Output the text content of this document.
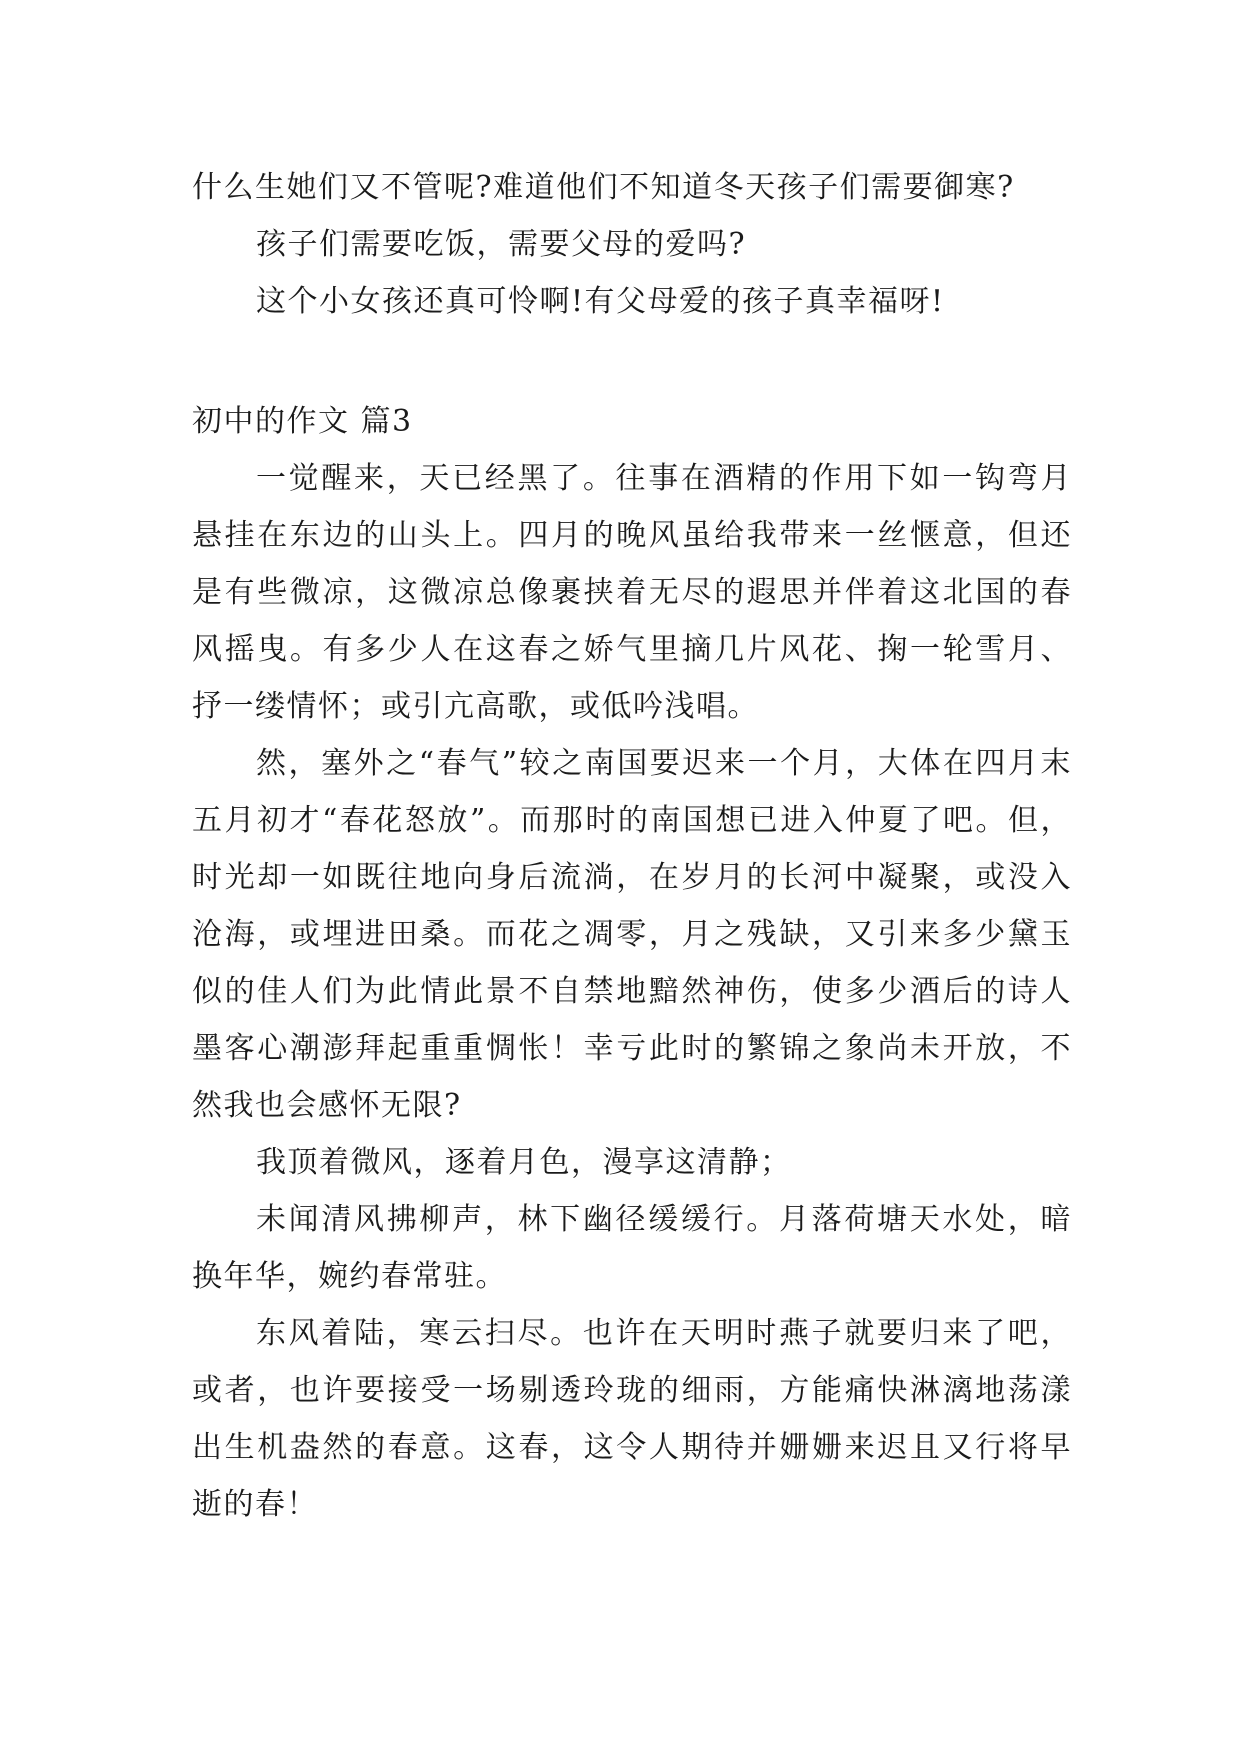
什么生她们又不管呢?难道他们不知道冬天孩子们需要御寒?

孩子们需要吃饭，需要父母的爱吗?

这个小女孩还真可怜啊!有父母爱的孩子真幸福呀!

初中的作文 篇3

一觉醒来，天已经黑了。往事在酒精的作用下如一钩弯月悬挂在东边的山头上。四月的晚风虽给我带来一丝惬意，但还是有些微凉，这微凉总像裹挟着无尽的遐思并伴着这北国的春风摇曳。有多少人在这春之娇气里摘几片风花、掬一轮雪月、抒一缕情怀；或引亢高歌，或低吟浅唱。

然，塞外之“春气”较之南国要迟来一个月，大体在四月末五月初才“春花怒放”。而那时的南国想已进入仲夏了吧。但，时光却一如既往地向身后流淌，在岁月的长河中凝聚，或没入沧海，或埋进田桑。而花之凋零，月之残缺，又引来多少黛玉似的佳人们为此情此景不自禁地黯然神伤，使多少酒后的诗人墨客心潮澎拜起重重惆怅！幸亏此时的繁锦之象尚未开放，不然我也会感怀无限?

我顶着微风，逐着月色，漫享这清静；

未闻清风拂柳声，林下幽径缓缓行。月落荷塘天水处，暗换年华，婉约春常驻。

东风着陆，寒云扫尽。也许在天明时燕子就要归来了吧，或者，也许要接受一场剔透玲珑的细雨，方能痛快淋漓地荡漾出生机盎然的春意。这春，这令人期待并姗姗来迟且又行将早逝的春！
